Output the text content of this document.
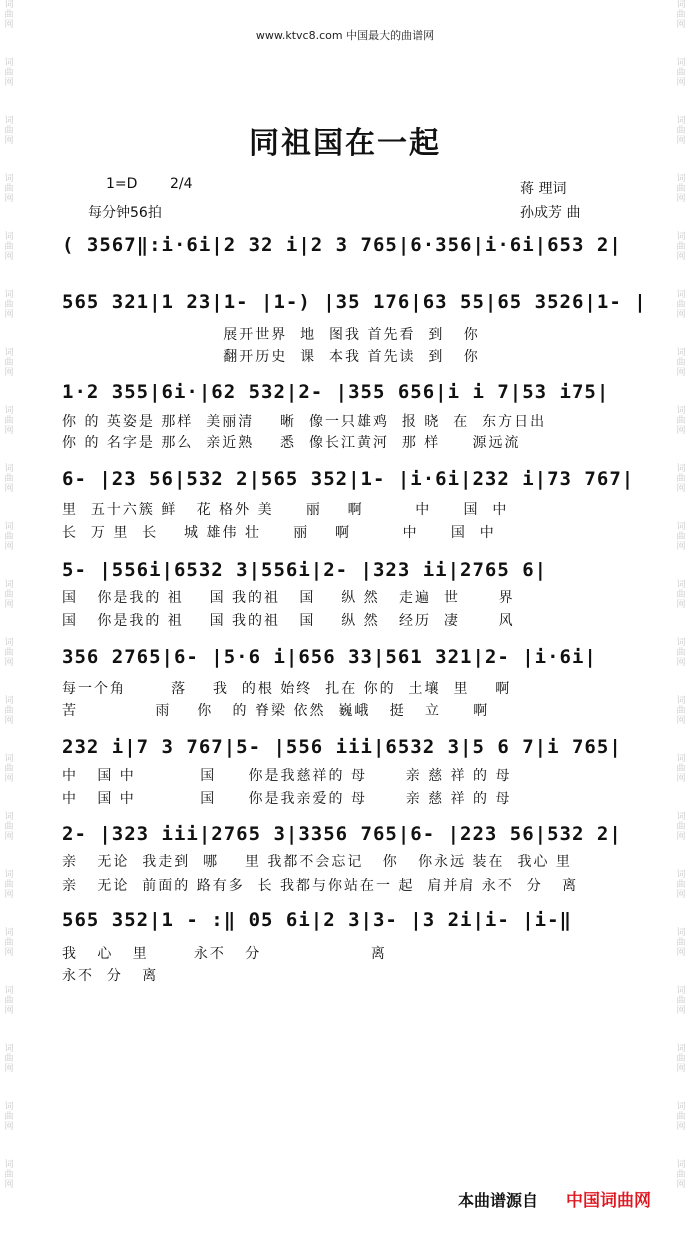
词
曲
网
词
曲
网
词
曲
网
词
曲
网
词
曲
网
词
曲
网
词
曲
网
词
曲
网
词
曲
网
词
曲
网
词
曲
网
词
曲
网
词
曲
网
词
曲
网
词
曲
网
词
曲
网
词
曲
网
词
曲
网
词
曲
网
词
曲
网
词
曲
网
词
曲
网
词
曲
网
词
曲
网
词
曲
网
词
曲
网
词
曲
网
词
曲
网
词
曲
网
词
曲
网
词
曲
网
词
曲
网
词
曲
网
词
曲
网
词
曲
网
词
曲
网
词
曲
网
词
曲
网
词
曲
网
词
曲
网
词
曲
网
词
曲
网
www.ktvc8.com 中国最大的曲谱网
同祖国在一起
1=D 2/4
每分钟56拍
蒋 理词
孙成芳 曲
( 3567‖:i·6i|2 32 i|2 3 765|6·356|i·6i|653 2|
565 321|1 23|1- |1-) |35 176|63 55|65 3526|1- |
展开世界  地  图我 首先看  到   你
翻开历史  课  本我 首先读  到   你
1·2 355|6i·|62 532|2- |355 656|i i 7|53 i75|
你 的 英姿是 那样  美丽清    晰  像一只雄鸡  报 晓  在  东方日出
你 的 名字是 那么  亲近熟    悉  像长江黄河  那 样     源远流
6- |23 56|532 2|565 352|1- |i·6i|232 i|73 767|
里  五十六簇 鲜   花 格外 美     丽    啊        中     国  中
长  万 里  长    城 雄伟 壮     丽    啊        中     国  中
5- |556i|6532 3|556i|2- |323 ii|2765 6|
国   你是我的 祖    国 我的祖   国    纵 然   走遍  世      界
国   你是我的 祖    国 我的祖   国    纵 然   经历  凄      风
356 2765|6- |5·6 i|656 33|561 321|2- |i·6i|
每一个角       落    我  的根 始终  扎在 你的  土壤  里    啊
苦            雨    你   的 脊梁 依然  巍峨   挺   立     啊
232 i|7 3 767|5- |556 iii|6532 3|5 6 7|i 765|
中   国 中          国     你是我慈祥的 母      亲 慈 祥 的 母
中   国 中          国     你是我亲爱的 母      亲 慈 祥 的 母
2- |323 iii|2765 3|3356 765|6- |223 56|532 2|
亲   无论  我走到  哪    里 我都不会忘记   你   你永远 装在  我心 里
亲   无论  前面的 路有多  长 我都与你站在一 起  肩并肩 永不  分   离
565 352|1 - :‖ 05 6i|2 3|3- |3 2i|i- |i-‖
我   心   里       永不   分                 离
永不  分   离
本曲谱源自 中国词曲网
